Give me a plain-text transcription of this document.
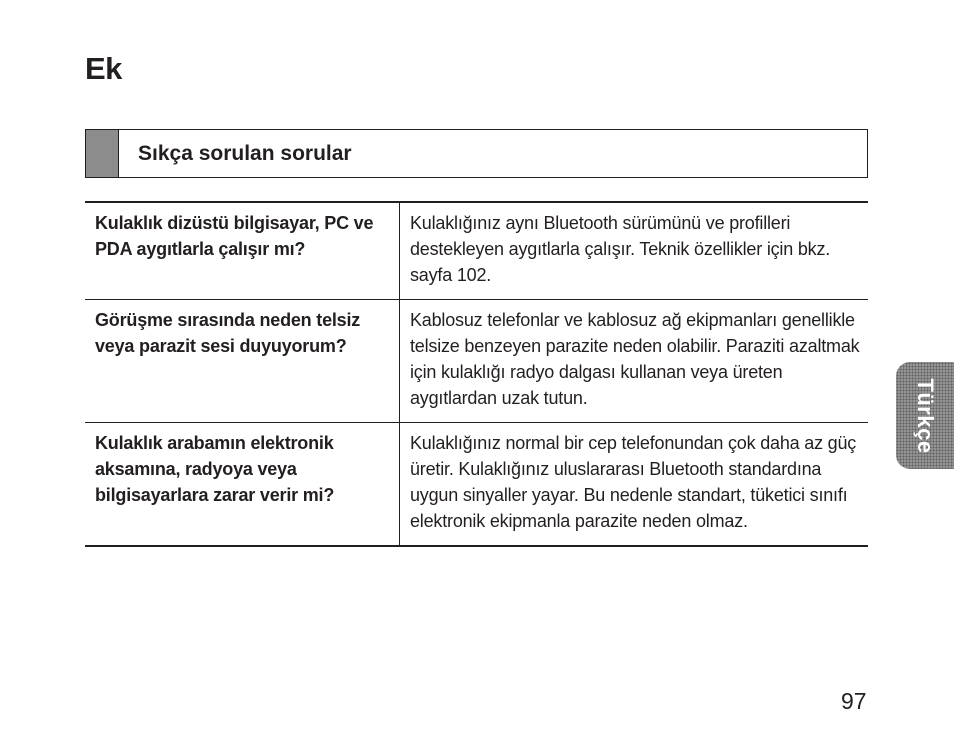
Ek
Sıkça sorulan sorular
Kulaklık dizüstü bilgisayar, PC ve PDA aygıtlarla çalışır mı?	Kulaklığınız aynı Bluetooth sürümünü ve profilleri destekleyen aygıtlarla çalışır. Teknik özellikler için bkz. sayfa 102.
Görüşme sırasında neden telsiz veya parazit sesi duyuyorum?	Kablosuz telefonlar ve kablosuz ağ ekipmanları genellikle telsize benzeyen parazite neden olabilir. Paraziti azaltmak için kulaklığı radyo dalgası kullanan veya üreten aygıtlardan uzak tutun.
Kulaklık arabamın elektronik aksamına, radyoya veya bilgisayarlara zarar verir mi?	Kulaklığınız normal bir cep telefonundan çok daha az güç üretir. Kulaklığınız uluslararası Bluetooth standardına uygun sinyaller yayar. Bu nedenle standart, tüketici sınıfı elektronik ekipmanla parazite neden olmaz.
Türkçe
97
